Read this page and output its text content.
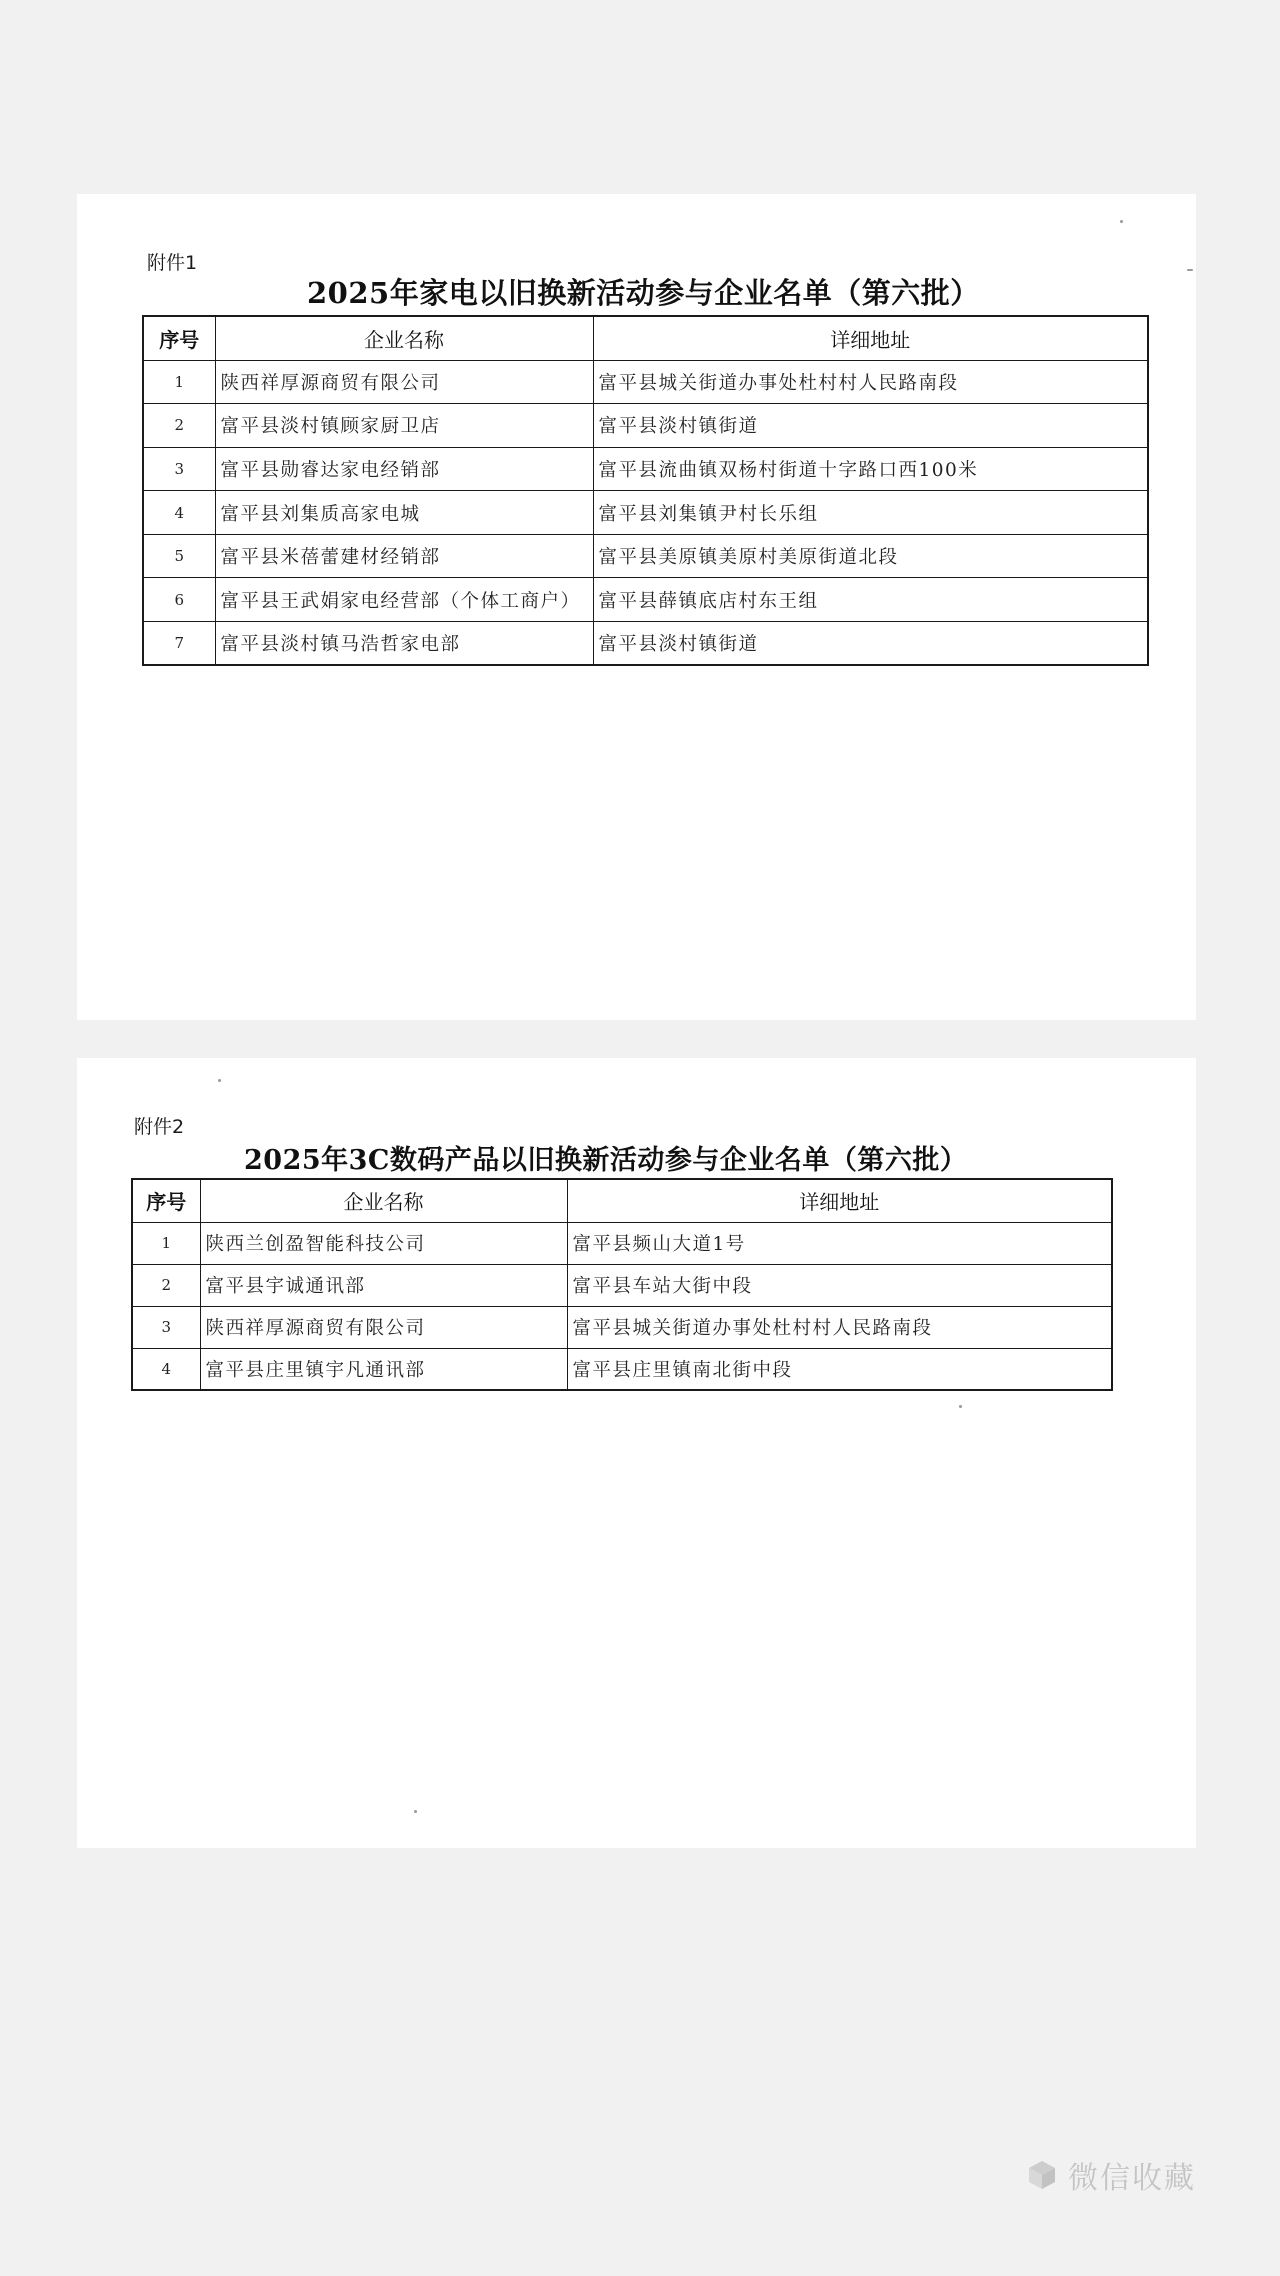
附件1
2025年家电以旧换新活动参与企业名单（第六批）
序号	企业名称	详细地址
1	陕西祥厚源商贸有限公司	富平县城关街道办事处杜村村人民路南段
2	富平县淡村镇顾家厨卫店	富平县淡村镇街道
3	富平县勋睿达家电经销部	富平县流曲镇双杨村街道十字路口西100米
4	富平县刘集质高家电城	富平县刘集镇尹村长乐组
5	富平县米蓓蕾建材经销部	富平县美原镇美原村美原街道北段
6	富平县王武娟家电经营部（个体工商户）	富平县薛镇底店村东王组
7	富平县淡村镇马浩哲家电部	富平县淡村镇街道
附件2
2025年3C数码产品以旧换新活动参与企业名单（第六批）
序号	企业名称	详细地址
1	陕西兰创盈智能科技公司	富平县频山大道1号
2	富平县宇诚通讯部	富平县车站大街中段
3	陕西祥厚源商贸有限公司	富平县城关街道办事处杜村村人民路南段
4	富平县庄里镇宇凡通讯部	富平县庄里镇南北街中段
微信收藏
